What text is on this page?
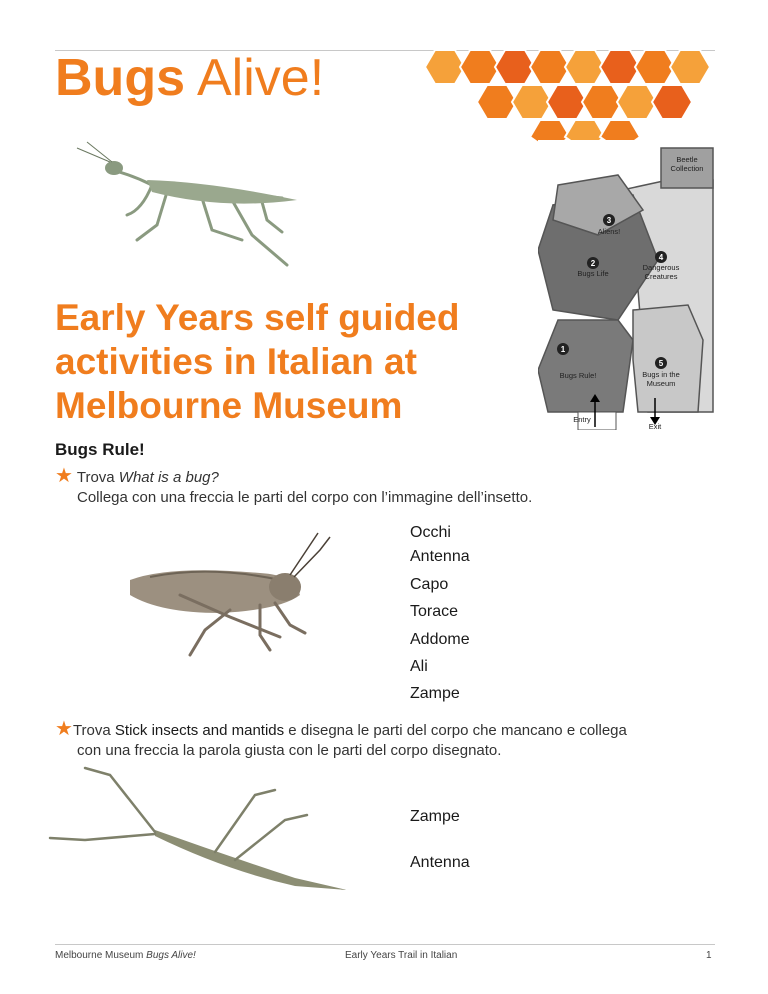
Bugs Alive!
3
2
4
1
5
Beetle
Collection
Aliens!
Bugs Life
Dangerous
Creatures
Bugs Rule!	Bugs in the
Museum
Entry
Exit
Early Years self guided
activities in Italian at
Melbourne Museum
Bugs Rule!
★ Trova What is a bug?
Collega con una freccia le parti del corpo con l’immagine dell’insetto.
Occhi
Antenna
Capo
Torace
Addome
Ali
Zampe
★Trova Stick insects and mantids e disegna le parti del corpo che mancano e collega
con una freccia la parola giusta con le parti del corpo disegnato.
Zampe
Antenna
Melbourne Museum Bugs Alive!	Early Years Trail in Italian	1
